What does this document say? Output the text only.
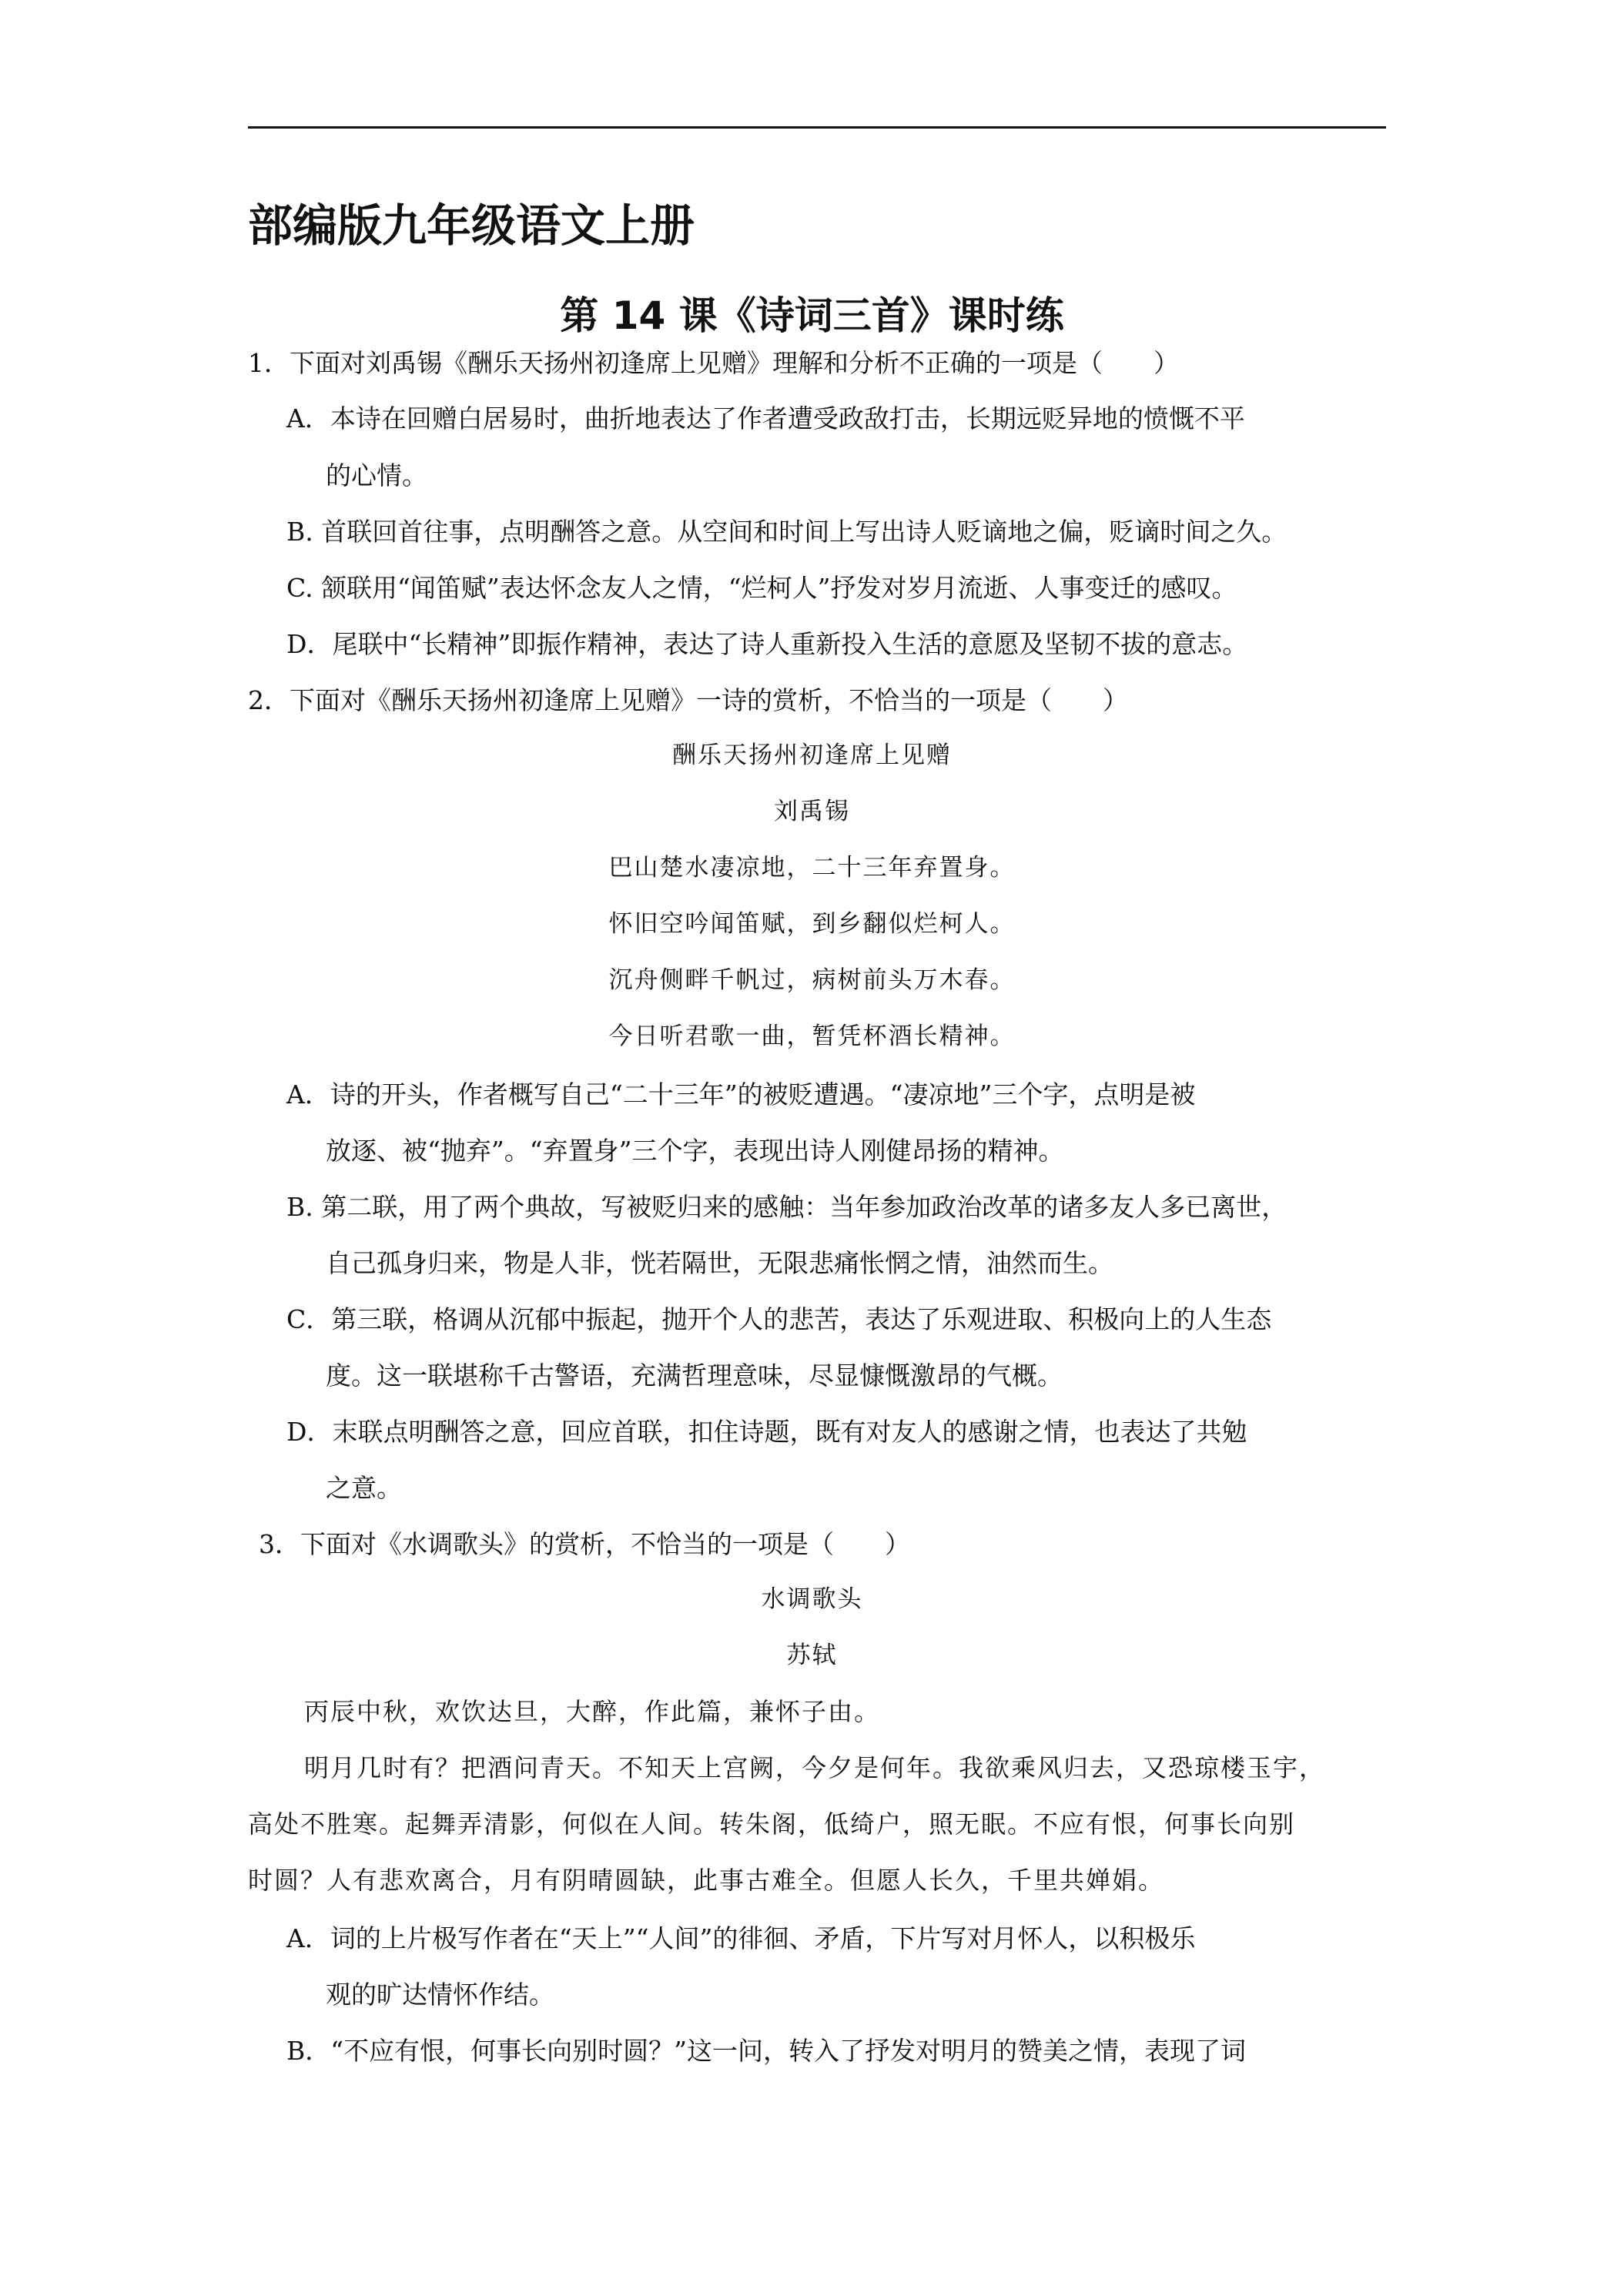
部编版九年级语文上册
第 14 课《诗词三首》课时练
1．下面对刘禹锡《酬乐天扬州初逢席上见赠》理解和分析不正确的一项是（　　）
A．本诗在回赠白居易时，曲折地表达了作者遭受政敌打击，长期远贬异地的愤慨不平
的心情。
B. 首联回首往事，点明酬答之意。从空间和时间上写出诗人贬谪地之偏，贬谪时间之久。
C. 颔联用“闻笛赋”表达怀念友人之情，“烂柯人”抒发对岁月流逝、人事变迁的感叹。
D．尾联中“长精神”即振作精神，表达了诗人重新投入生活的意愿及坚韧不拔的意志。
2．下面对《酬乐天扬州初逢席上见赠》一诗的赏析，不恰当的一项是（　　）
酬乐天扬州初逢席上见赠
刘禹锡
巴山楚水凄凉地，二十三年弃置身。
怀旧空吟闻笛赋，到乡翻似烂柯人。
沉舟侧畔千帆过，病树前头万木春。
今日听君歌一曲，暂凭杯酒长精神。
A．诗的开头，作者概写自己“二十三年”的被贬遭遇。“凄凉地”三个字，点明是被
放逐、被“抛弃”。“弃置身”三个字，表现出诗人刚健昂扬的精神。
B. 第二联，用了两个典故，写被贬归来的感触：当年参加政治改革的诸多友人多已离世，
自己孤身归来，物是人非，恍若隔世，无限悲痛怅惘之情，油然而生。
C．第三联，格调从沉郁中振起，抛开个人的悲苦，表达了乐观进取、积极向上的人生态
度。这一联堪称千古警语，充满哲理意味，尽显慷慨激昂的气概。
D．末联点明酬答之意，回应首联，扣住诗题，既有对友人的感谢之情，也表达了共勉
之意。
3．下面对《水调歌头》的赏析，不恰当的一项是（　　）
水调歌头
苏轼
丙辰中秋，欢饮达旦，大醉，作此篇，兼怀子由。
明月几时有？把酒问青天。不知天上宫阙，今夕是何年。我欲乘风归去，又恐琼楼玉宇，
高处不胜寒。起舞弄清影，何似在人间。转朱阁，低绮户，照无眠。不应有恨，何事长向别
时圆？人有悲欢离合，月有阴晴圆缺，此事古难全。但愿人长久，千里共婵娟。
A．词的上片极写作者在“天上”“人间”的徘徊、矛盾，下片写对月怀人，以积极乐
观的旷达情怀作结。
B．“不应有恨，何事长向别时圆？”这一问，转入了抒发对明月的赞美之情，表现了词
